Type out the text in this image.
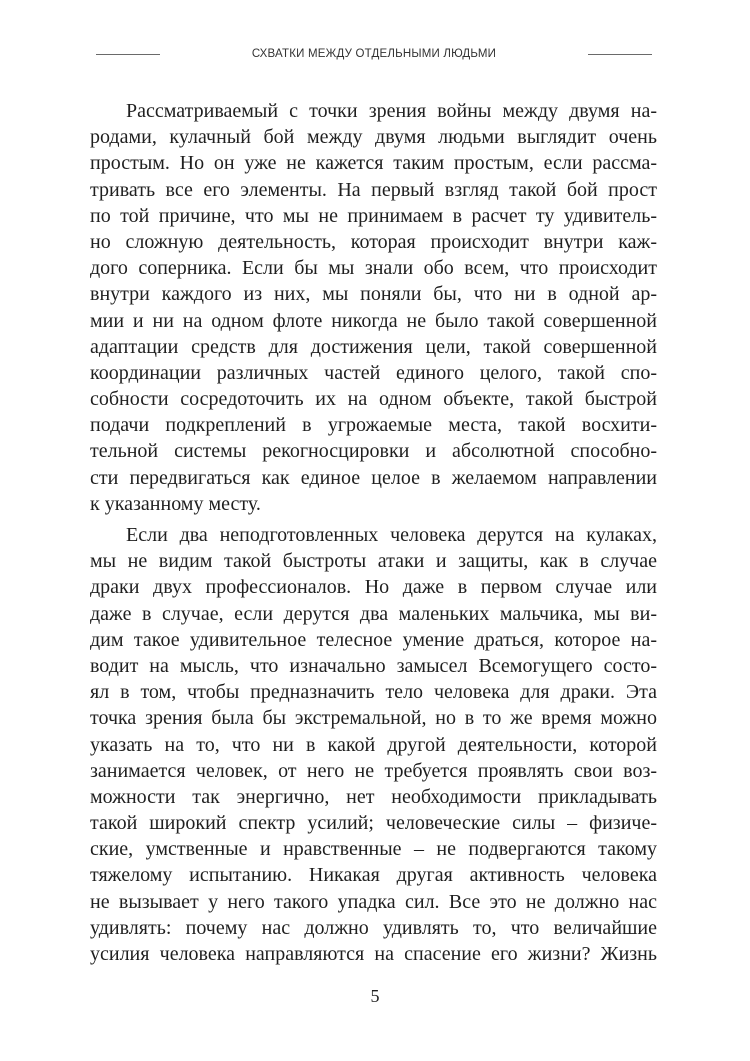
СХВАТКИ МЕЖДУ ОТДЕЛЬНЫМИ ЛЮДЬМИ
Рассматриваемый с точки зрения войны между двумя на-
родами, кулачный бой между двумя людьми выглядит очень
простым. Но он уже не кажется таким простым, если рассма-
тривать все его элементы. На первый взгляд такой бой прост
по той причине, что мы не принимаем в расчет ту удивитель-
но сложную деятельность, которая происходит внутри каж-
дого соперника. Если бы мы знали обо всем, что происходит
внутри каждого из них, мы поняли бы, что ни в одной ар-
мии и ни на одном флоте никогда не было такой совершенной
адаптации средств для достижения цели, такой совершенной
координации различных частей единого целого, такой спо-
собности сосредоточить их на одном объекте, такой быстрой
подачи подкреплений в угрожаемые места, такой восхити-
тельной системы рекогносцировки и абсолютной способно-
сти передвигаться как единое целое в желаемом направлении
к указанному месту.
Если два неподготовленных человека дерутся на кулаках,
мы не видим такой быстроты атаки и защиты, как в случае
драки двух профессионалов. Но даже в первом случае или
даже в случае, если дерутся два маленьких мальчика, мы ви-
дим такое удивительное телесное умение драться, которое на-
водит на мысль, что изначально замысел Всемогущего состо-
ял в том, чтобы предназначить тело человека для драки. Эта
точка зрения была бы экстремальной, но в то же время можно
указать на то, что ни в какой другой деятельности, которой
занимается человек, от него не требуется проявлять свои воз-
можности так энергично, нет необходимости прикладывать
такой широкий спектр усилий; человеческие силы – физиче-
ские, умственные и нравственные – не подвергаются такому
тяжелому испытанию. Никакая другая активность человека
не вызывает у него такого упадка сил. Все это не должно нас
удивлять: почему нас должно удивлять то, что величайшие
усилия человека направляются на спасение его жизни? Жизнь
5
